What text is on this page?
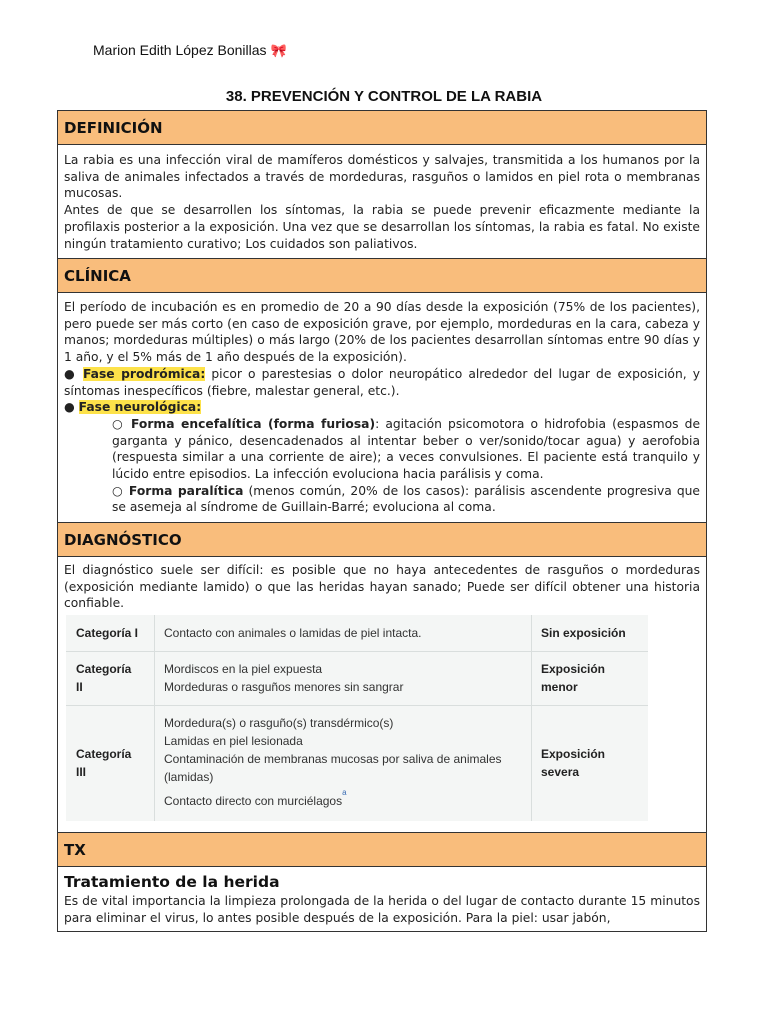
Marion Edith López Bonillas 🎀
38. PREVENCIÓN Y CONTROL DE LA RABIA
DEFINICIÓN

La rabia es una infección viral de mamíferos domésticos y salvajes, transmitida a los humanos por la saliva de animales infectados a través de mordeduras, rasguños o lamidos en piel rota o membranas mucosas.

Antes de que se desarrollen los síntomas, la rabia se puede prevenir eficazmente mediante la profilaxis posterior a la exposición. Una vez que se desarrollan los síntomas, la rabia es fatal. No existe ningún tratamiento curativo; Los cuidados son paliativos.

CLÍNICA

El período de incubación es en promedio de 20 a 90 días desde la exposición (75% de los pacientes), pero puede ser más corto (en caso de exposición grave, por ejemplo, mordeduras en la cara, cabeza y manos; mordeduras múltiples) o más largo (20% de los pacientes desarrollan síntomas entre 90 días y 1 año, y el 5% más de 1 año después de la exposición).

● Fase prodrómica: picor o parestesias o dolor neuropático alrededor del lugar de exposición, y síntomas inespecíficos (fiebre, malestar general, etc.).

● Fase neurológica:

○ Forma encefalítica (forma furiosa): agitación psicomotora o hidrofobia (espasmos de garganta y pánico, desencadenados al intentar beber o ver/sonido/tocar agua) y aerofobia (respuesta similar a una corriente de aire); a veces convulsiones. El paciente está tranquilo y lúcido entre episodios. La infección evoluciona hacia parálisis y coma.

○ Forma paralítica (menos común, 20% de los casos): parálisis ascendente progresiva que se asemeja al síndrome de Guillain-Barré; evoluciona al coma.

DIAGNÓSTICO

El diagnóstico suele ser difícil: es posible que no haya antecedentes de rasguños o mordeduras (exposición mediante lamido) o que las heridas hayan sanado; Puede ser difícil obtener una historia confiable.

Categoría I Contacto con animales o lamidas de piel intacta.	Sin exposición
Categoría
II
Mordiscos en la piel expuesta
Mordeduras o rasguños menores sin sangrar
Exposición
menor
Categoría
III
Mordedura(s) o rasguño(s) transdérmico(s)
Lamidas en piel lesionada
Contaminación de membranas mucosas por saliva de animales
(lamidas)
Contacto directo con murciélagos$^a$
Exposición
severa
TX
Tratamiento de la herida

Es de vital importancia la limpieza prolongada de la herida o del lugar de contacto durante 15 minutos para eliminar el virus, lo antes posible después de la exposición. Para la piel: usar jabón,
